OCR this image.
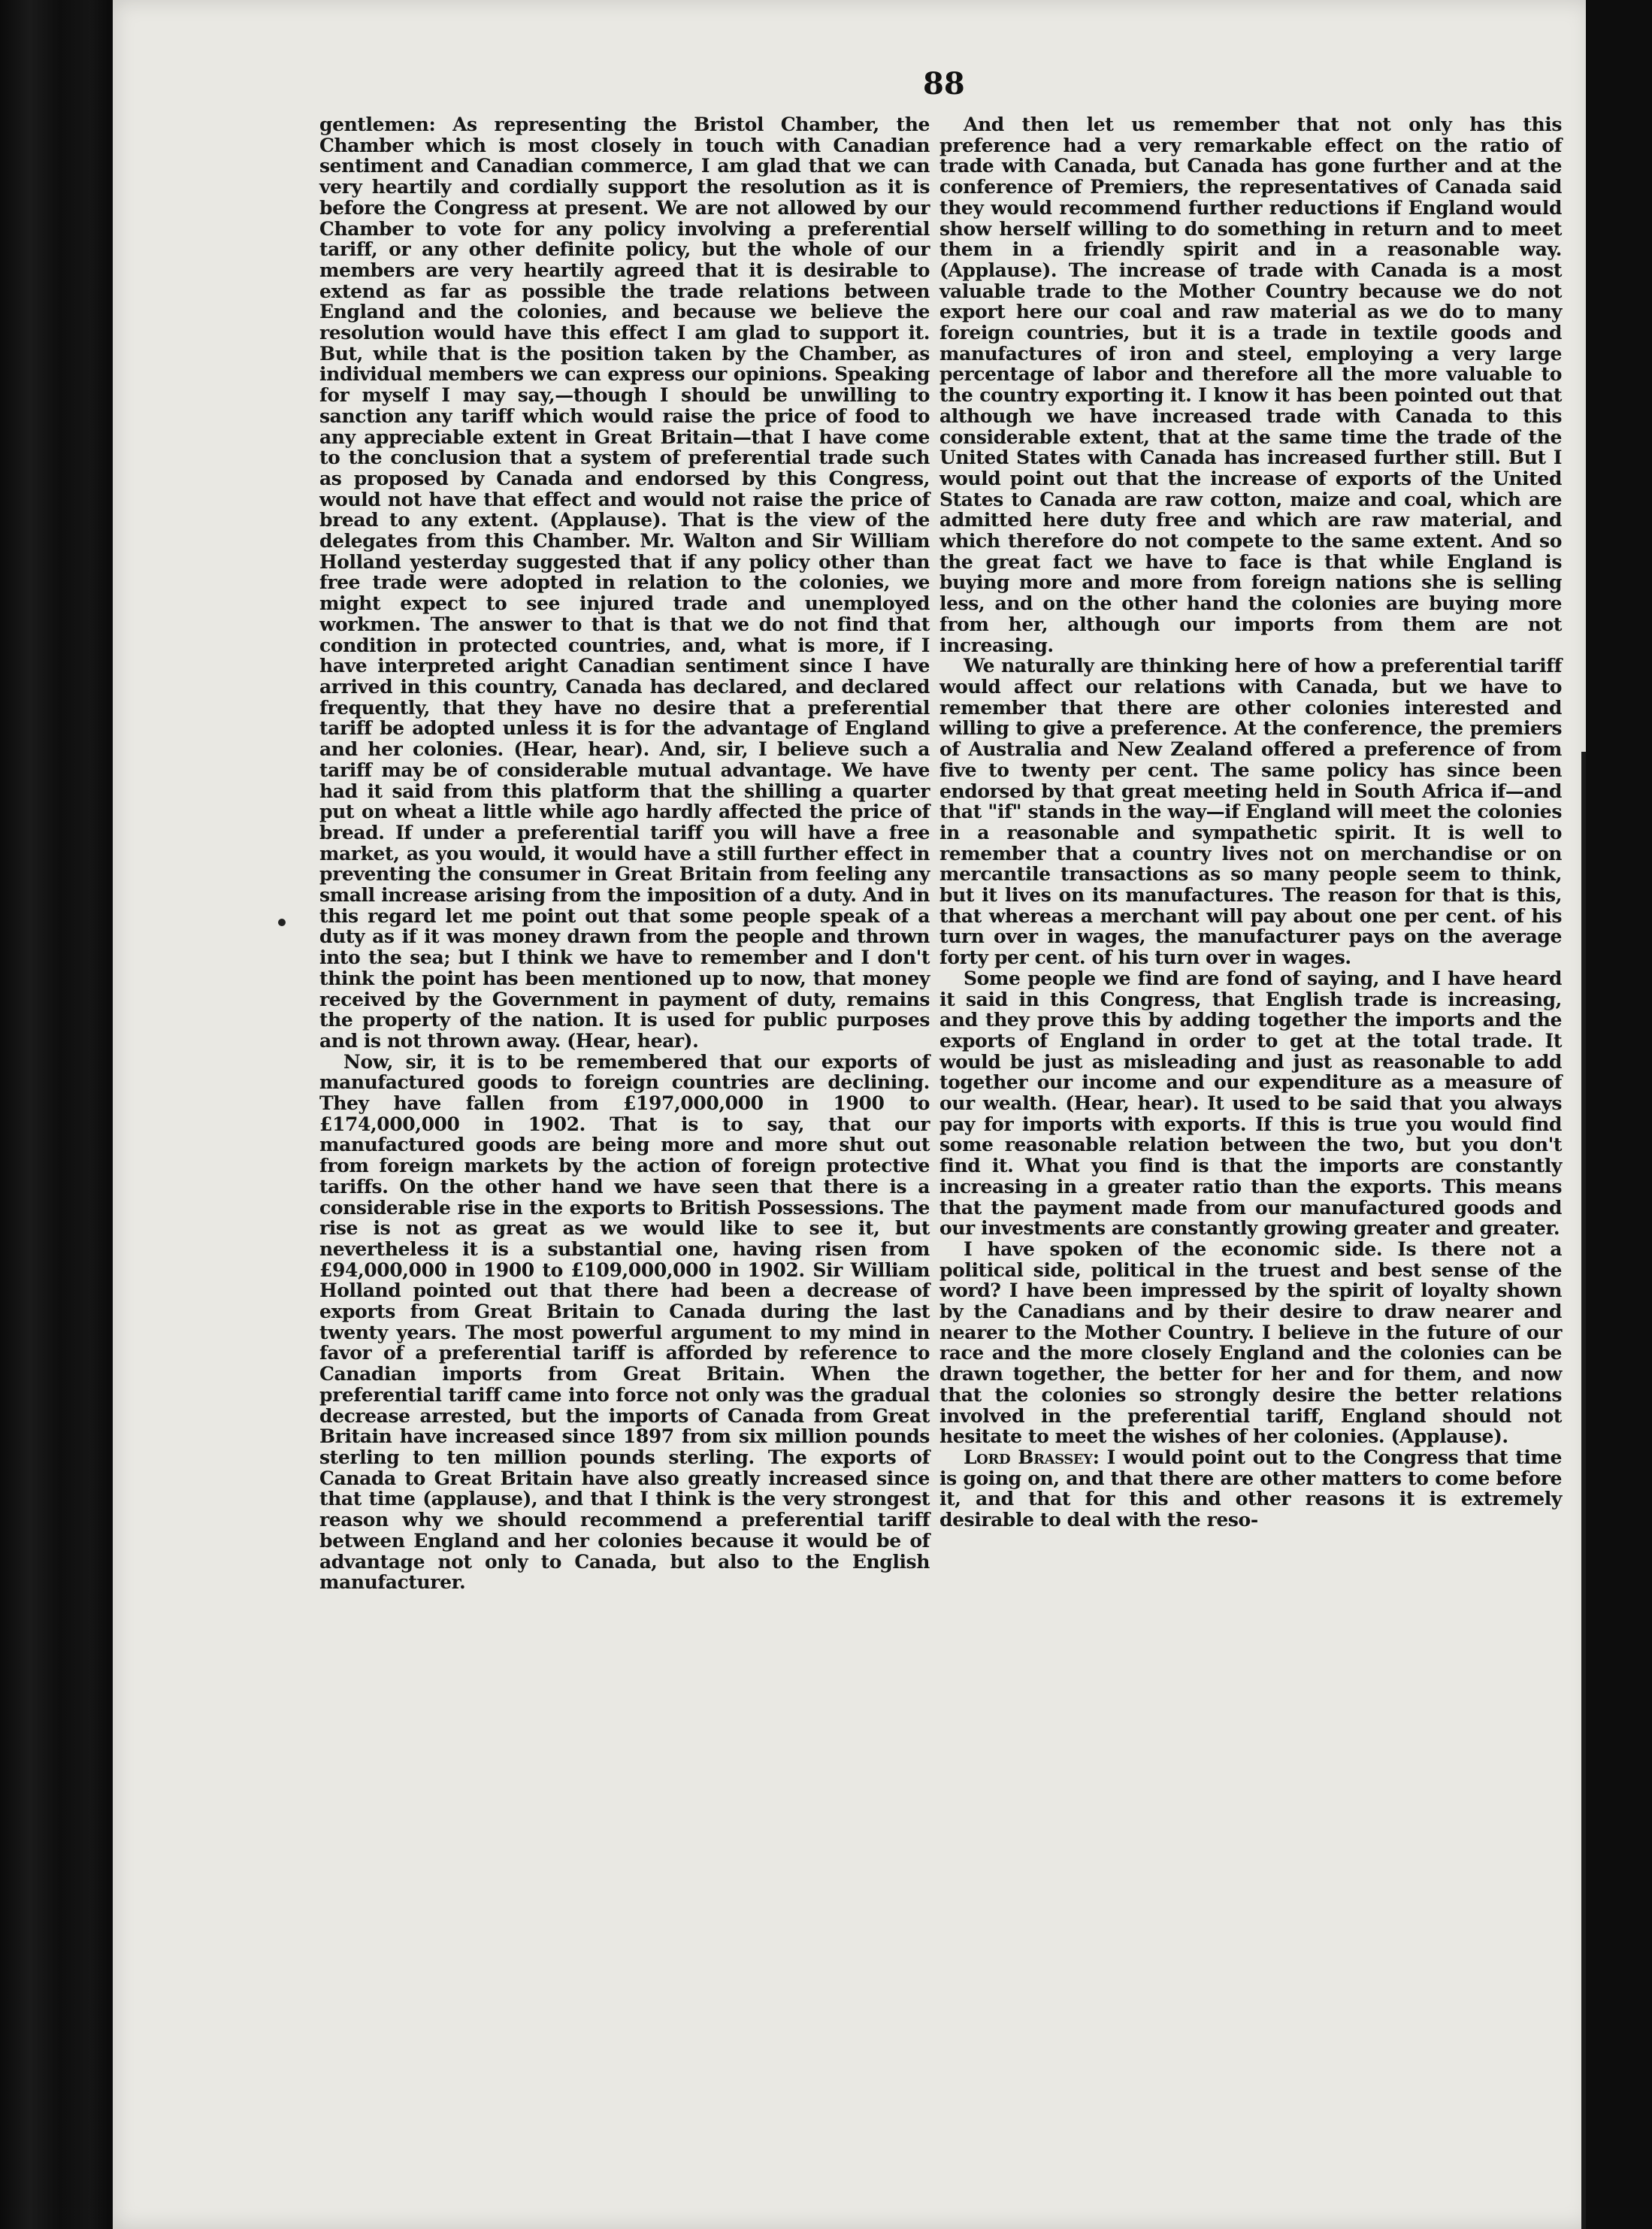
88

gentlemen: As representing the Bristol Chamber, the Chamber which is most closely in touch with Canadian sentiment and Canadian commerce, I am glad that we can very heartily and cordially support the resolution as it is before the Congress at present. We are not allowed by our Chamber to vote for any policy involving a preferential tariff, or any other definite policy, but the whole of our members are very heartily agreed that it is desirable to extend as far as possible the trade relations between England and the colonies, and because we believe the resolution would have this effect I am glad to support it. But, while that is the position taken by the Chamber, as individual members we can express our opinions. Speaking for myself I may say,—though I should be unwilling to sanction any tariff which would raise the price of food to any appreciable extent in Great Britain—that I have come to the conclusion that a system of preferential trade such as proposed by Canada and endorsed by this Congress, would not have that effect and would not raise the price of bread to any extent. (Applause). That is the view of the delegates from this Chamber. Mr. Walton and Sir William Holland yesterday suggested that if any policy other than free trade were adopted in relation to the colonies, we might expect to see injured trade and unemployed workmen. The answer to that is that we do not find that condition in protected countries, and, what is more, if I have interpreted aright Canadian sentiment since I have arrived in this country, Canada has declared, and declared frequently, that they have no desire that a preferential tariff be adopted unless it is for the advantage of England and her colonies. (Hear, hear). And, sir, I believe such a tariff may be of considerable mutual advantage. We have had it said from this platform that the shilling a quarter put on wheat a little while ago hardly affected the price of bread. If under a preferential tariff you will have a free market, as you would, it would have a still further effect in preventing the consumer in Great Britain from feeling any small increase arising from the imposition of a duty. And in this regard let me point out that some people speak of a duty as if it was money drawn from the people and thrown into the sea; but I think we have to remember and I don't think the point has been mentioned up to now, that money received by the Government in payment of duty, remains the property of the nation. It is used for public purposes and is not thrown away. (Hear, hear).

Now, sir, it is to be remembered that our exports of manufactured goods to foreign countries are declining. They have fallen from £197,000,000 in 1900 to £174,000,000 in 1902. That is to say, that our manufactured goods are being more and more shut out from foreign markets by the action of foreign protective tariffs. On the other hand we have seen that there is a considerable rise in the exports to British Possessions. The rise is not as great as we would like to see it, but nevertheless it is a substantial one, having risen from £94,000,000 in 1900 to £109,000,000 in 1902. Sir William Holland pointed out that there had been a decrease of exports from Great Britain to Canada during the last twenty years. The most powerful argument to my mind in favor of a preferential tariff is afforded by reference to Canadian imports from Great Britain. When the preferential tariff came into force not only was the gradual decrease arrested, but the imports of Canada from Great Britain have increased since 1897 from six million pounds sterling to ten million pounds sterling. The exports of Canada to Great Britain have also greatly increased since that time (applause), and that I think is the very strongest reason why we should recommend a preferential tariff between England and her colonies because it would be of advantage not only to Canada, but also to the English manufacturer.

And then let us remember that not only has this preference had a very remarkable effect on the ratio of trade with Canada, but Canada has gone further and at the conference of Premiers, the representatives of Canada said they would recommend further reductions if England would show herself willing to do something in return and to meet them in a friendly spirit and in a reasonable way. (Applause). The increase of trade with Canada is a most valuable trade to the Mother Country because we do not export here our coal and raw material as we do to many foreign countries, but it is a trade in textile goods and manufactures of iron and steel, employing a very large percentage of labor and therefore all the more valuable to the country exporting it. I know it has been pointed out that although we have increased trade with Canada to this considerable extent, that at the same time the trade of the United States with Canada has increased further still. But I would point out that the increase of exports of the United States to Canada are raw cotton, maize and coal, which are admitted here duty free and which are raw material, and which therefore do not compete to the same extent. And so the great fact we have to face is that while England is buying more and more from foreign nations she is selling less, and on the other hand the colonies are buying more from her, although our imports from them are not increasing.

We naturally are thinking here of how a preferential tariff would affect our relations with Canada, but we have to remember that there are other colonies interested and willing to give a preference. At the conference, the premiers of Australia and New Zealand offered a preference of from five to twenty per cent. The same policy has since been endorsed by that great meeting held in South Africa if—and that "if" stands in the way—if England will meet the colonies in a reasonable and sympathetic spirit. It is well to remember that a country lives not on merchandise or on mercantile transactions as so many people seem to think, but it lives on its manufactures. The reason for that is this, that whereas a merchant will pay about one per cent. of his turn over in wages, the manufacturer pays on the average forty per cent. of his turn over in wages.

Some people we find are fond of saying, and I have heard it said in this Congress, that English trade is increasing, and they prove this by adding together the imports and the exports of England in order to get at the total trade. It would be just as misleading and just as reasonable to add together our income and our expenditure as a measure of our wealth. (Hear, hear). It used to be said that you always pay for imports with exports. If this is true you would find some reasonable relation between the two, but you don't find it. What you find is that the imports are constantly increasing in a greater ratio than the exports. This means that the payment made from our manufactured goods and our investments are constantly growing greater and greater.

I have spoken of the economic side. Is there not a political side, political in the truest and best sense of the word? I have been impressed by the spirit of loyalty shown by the Canadians and by their desire to draw nearer and nearer to the Mother Country. I believe in the future of our race and the more closely England and the colonies can be drawn together, the better for her and for them, and now that the colonies so strongly desire the better relations involved in the preferential tariff, England should not hesitate to meet the wishes of her colonies. (Applause).

Lord Brassey: I would point out to the Congress that time is going on, and that there are other matters to come before it, and that for this and other reasons it is extremely desirable to deal with the reso-
